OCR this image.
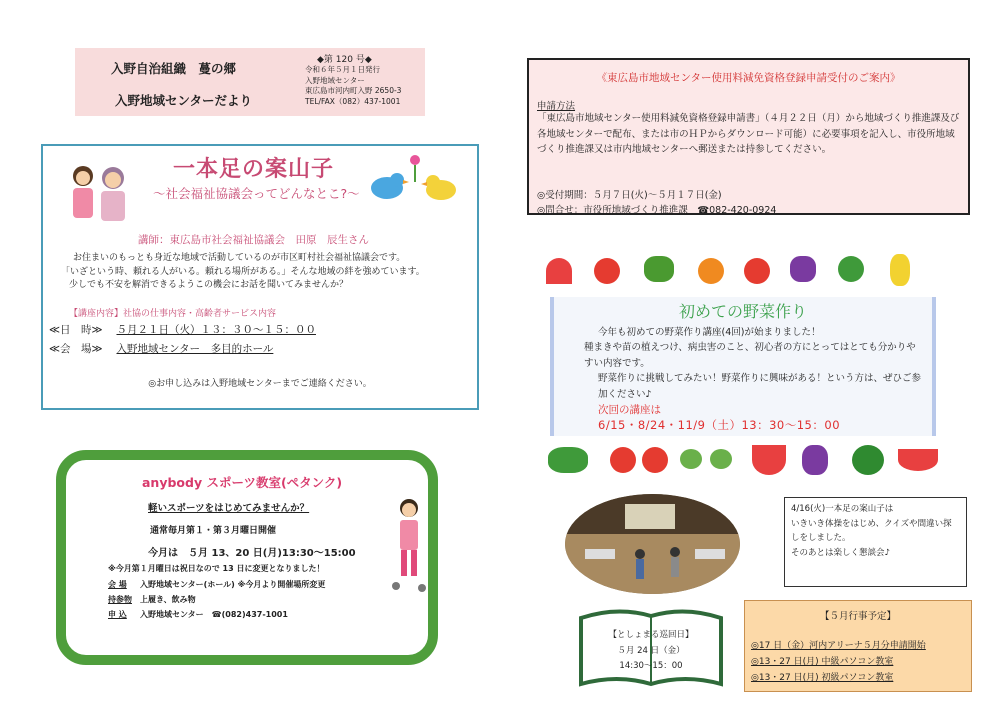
入野自治組織　蔓の郷
入野地域センターだより
◆第 120 号◆
令和６年５月１日発行
入野地域センター
東広島市河内町入野 2650-3
TEL/FAX（082）437-1001
《東広島市地域センター使用料減免資格登録申請受付のご案内》
申請方法
「東広島市地域センター使用料減免資格登録申請書」（４月２２日（月）から地域づくり推進課及び各地域センターで配布、または市のＨＰからダウンロード可能）に必要事項を記入し、市役所地域づくり推進課又は市内地域センターへ郵送または持参してください。
◎受付期間：５月７日(火)～５月１７日(金)
◎問合せ：市役所地域づくり推進課　☎082-420-0924
一本足の案山子
～社会福祉協議会ってどんなとこ?～
講師：東広島市社会福祉協議会　田原　辰生さん
お住まいのもっとも身近な地域で活動しているのが市区町村社会福祉協議会です。
「いざという時、頼れる人がいる。頼れる場所がある。」そんな地域の絆を強めています。
少しでも不安を解消できるようこの機会にお話を聞いてみませんか？
【講座内容】社協の仕事内容・高齢者サービス内容
≪日　時≫ ５月２１日（火）１３：３０～１５：００
≪会　場≫ 入野地域センター　多目的ホール
◎お申し込みは入野地域センターまでご連絡ください。
初めての野菜作り
今年も初めての野菜作り講座(4回)が始まりました！
種まきや苗の植えつけ、病虫害のこと、初心者の方にとってはとても分かりやすい内容です。
野菜作りに挑戦してみたい！野菜作りに興味がある！という方は、ぜひご参加ください♪
次回の講座は
6/15・8/24・11/9（土）13：30～15：00
4/16(火)一本足の案山子は
いきいき体操をはじめ、クイズや間違い探しをしました。
そのあとは楽しく懇談会♪
anybody スポーツ教室(ペタンク)
軽いスポーツをはじめてみませんか？
通常毎月第１・第３月曜日開催
今月は　５月 13、20 日(月)13:30～15:00
※今月第１月曜日は祝日なので 13 日に変更となりました！
会 場	入野地域センター(ホール) ※今月より開催場所変更
持参物	上履き、飲み物
申 込	入野地域センター　☎(082)437-1001
【としょまる巡回日】
５月 24 日（金）
14:30～15：00
【５月行事予定】
◎17 日（金）河内アリーナ５月分申請開始
◎13・27 日(月) 中級パソコン教室
◎13・27 日(月) 初級パソコン教室
